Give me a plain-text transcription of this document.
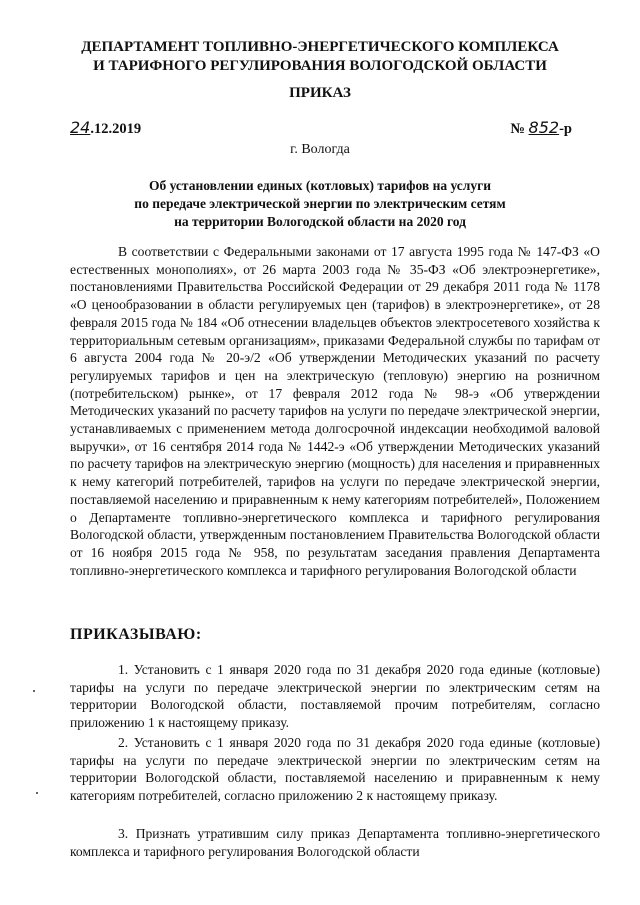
ДЕПАРТАМЕНТ ТОПЛИВНО-ЭНЕРГЕТИЧЕСКОГО КОМПЛЕКСА
И ТАРИФНОГО РЕГУЛИРОВАНИЯ ВОЛОГОДСКОЙ ОБЛАСТИ
ПРИКАЗ
24.12.2019	№ 852-р
г. Вологда
Об установлении единых (котловых) тарифов на услуги
по передаче электрической энергии по электрическим сетям
на территории Вологодской области на 2020 год
В соответствии с Федеральными законами от 17 августа 1995 года № 147-ФЗ «О естественных монополиях», от 26 марта 2003 года № 35-ФЗ «Об электроэнергетике», постановлениями Правительства Российской Федерации от 29 декабря 2011 года № 1178 «О ценообразовании в области регулируемых цен (тарифов) в электроэнергетике», от 28 февраля 2015 года № 184 «Об отнесении владельцев объектов электросетевого хозяйства к территориальным сетевым организациям», приказами Федеральной службы по тарифам от 6 августа 2004 года № 20-э/2 «Об утверждении Методических указаний по расчету регулируемых тарифов и цен на электрическую (тепловую) энергию на розничном (потребительском) рынке», от 17 февраля 2012 года № 98-э «Об утверждении Методических указаний по расчету тарифов на услуги по передаче электрической энергии, устанавливаемых с применением метода долгосрочной индексации необходимой валовой выручки», от 16 сентября 2014 года № 1442-э «Об утверждении Методических указаний по расчету тарифов на электрическую энергию (мощность) для населения и приравненных к нему категорий потребителей, тарифов на услуги по передаче электрической энергии, поставляемой населению и приравненным к нему категориям потребителей», Положением о Департаменте топливно-энергетического комплекса и тарифного регулирования Вологодской области, утвержденным постановлением Правительства Вологодской области от 16 ноября 2015 года № 958, по результатам заседания правления Департамента топливно-энергетического комплекса и тарифного регулирования Вологодской области
ПРИКАЗЫВАЮ:
1. Установить с 1 января 2020 года по 31 декабря 2020 года единые (котловые) тарифы на услуги по передаче электрической энергии по электрическим сетям на территории Вологодской области, поставляемой прочим потребителям, согласно приложению 1 к настоящему приказу.
2. Установить с 1 января 2020 года по 31 декабря 2020 года единые (котловые) тарифы на услуги по передаче электрической энергии по электрическим сетям на территории Вологодской области, поставляемой населению и приравненным к нему категориям потребителей, согласно приложению 2 к настоящему приказу.
3. Признать утратившим силу приказ Департамента топливно-энергетического комплекса и тарифного регулирования Вологодской области
